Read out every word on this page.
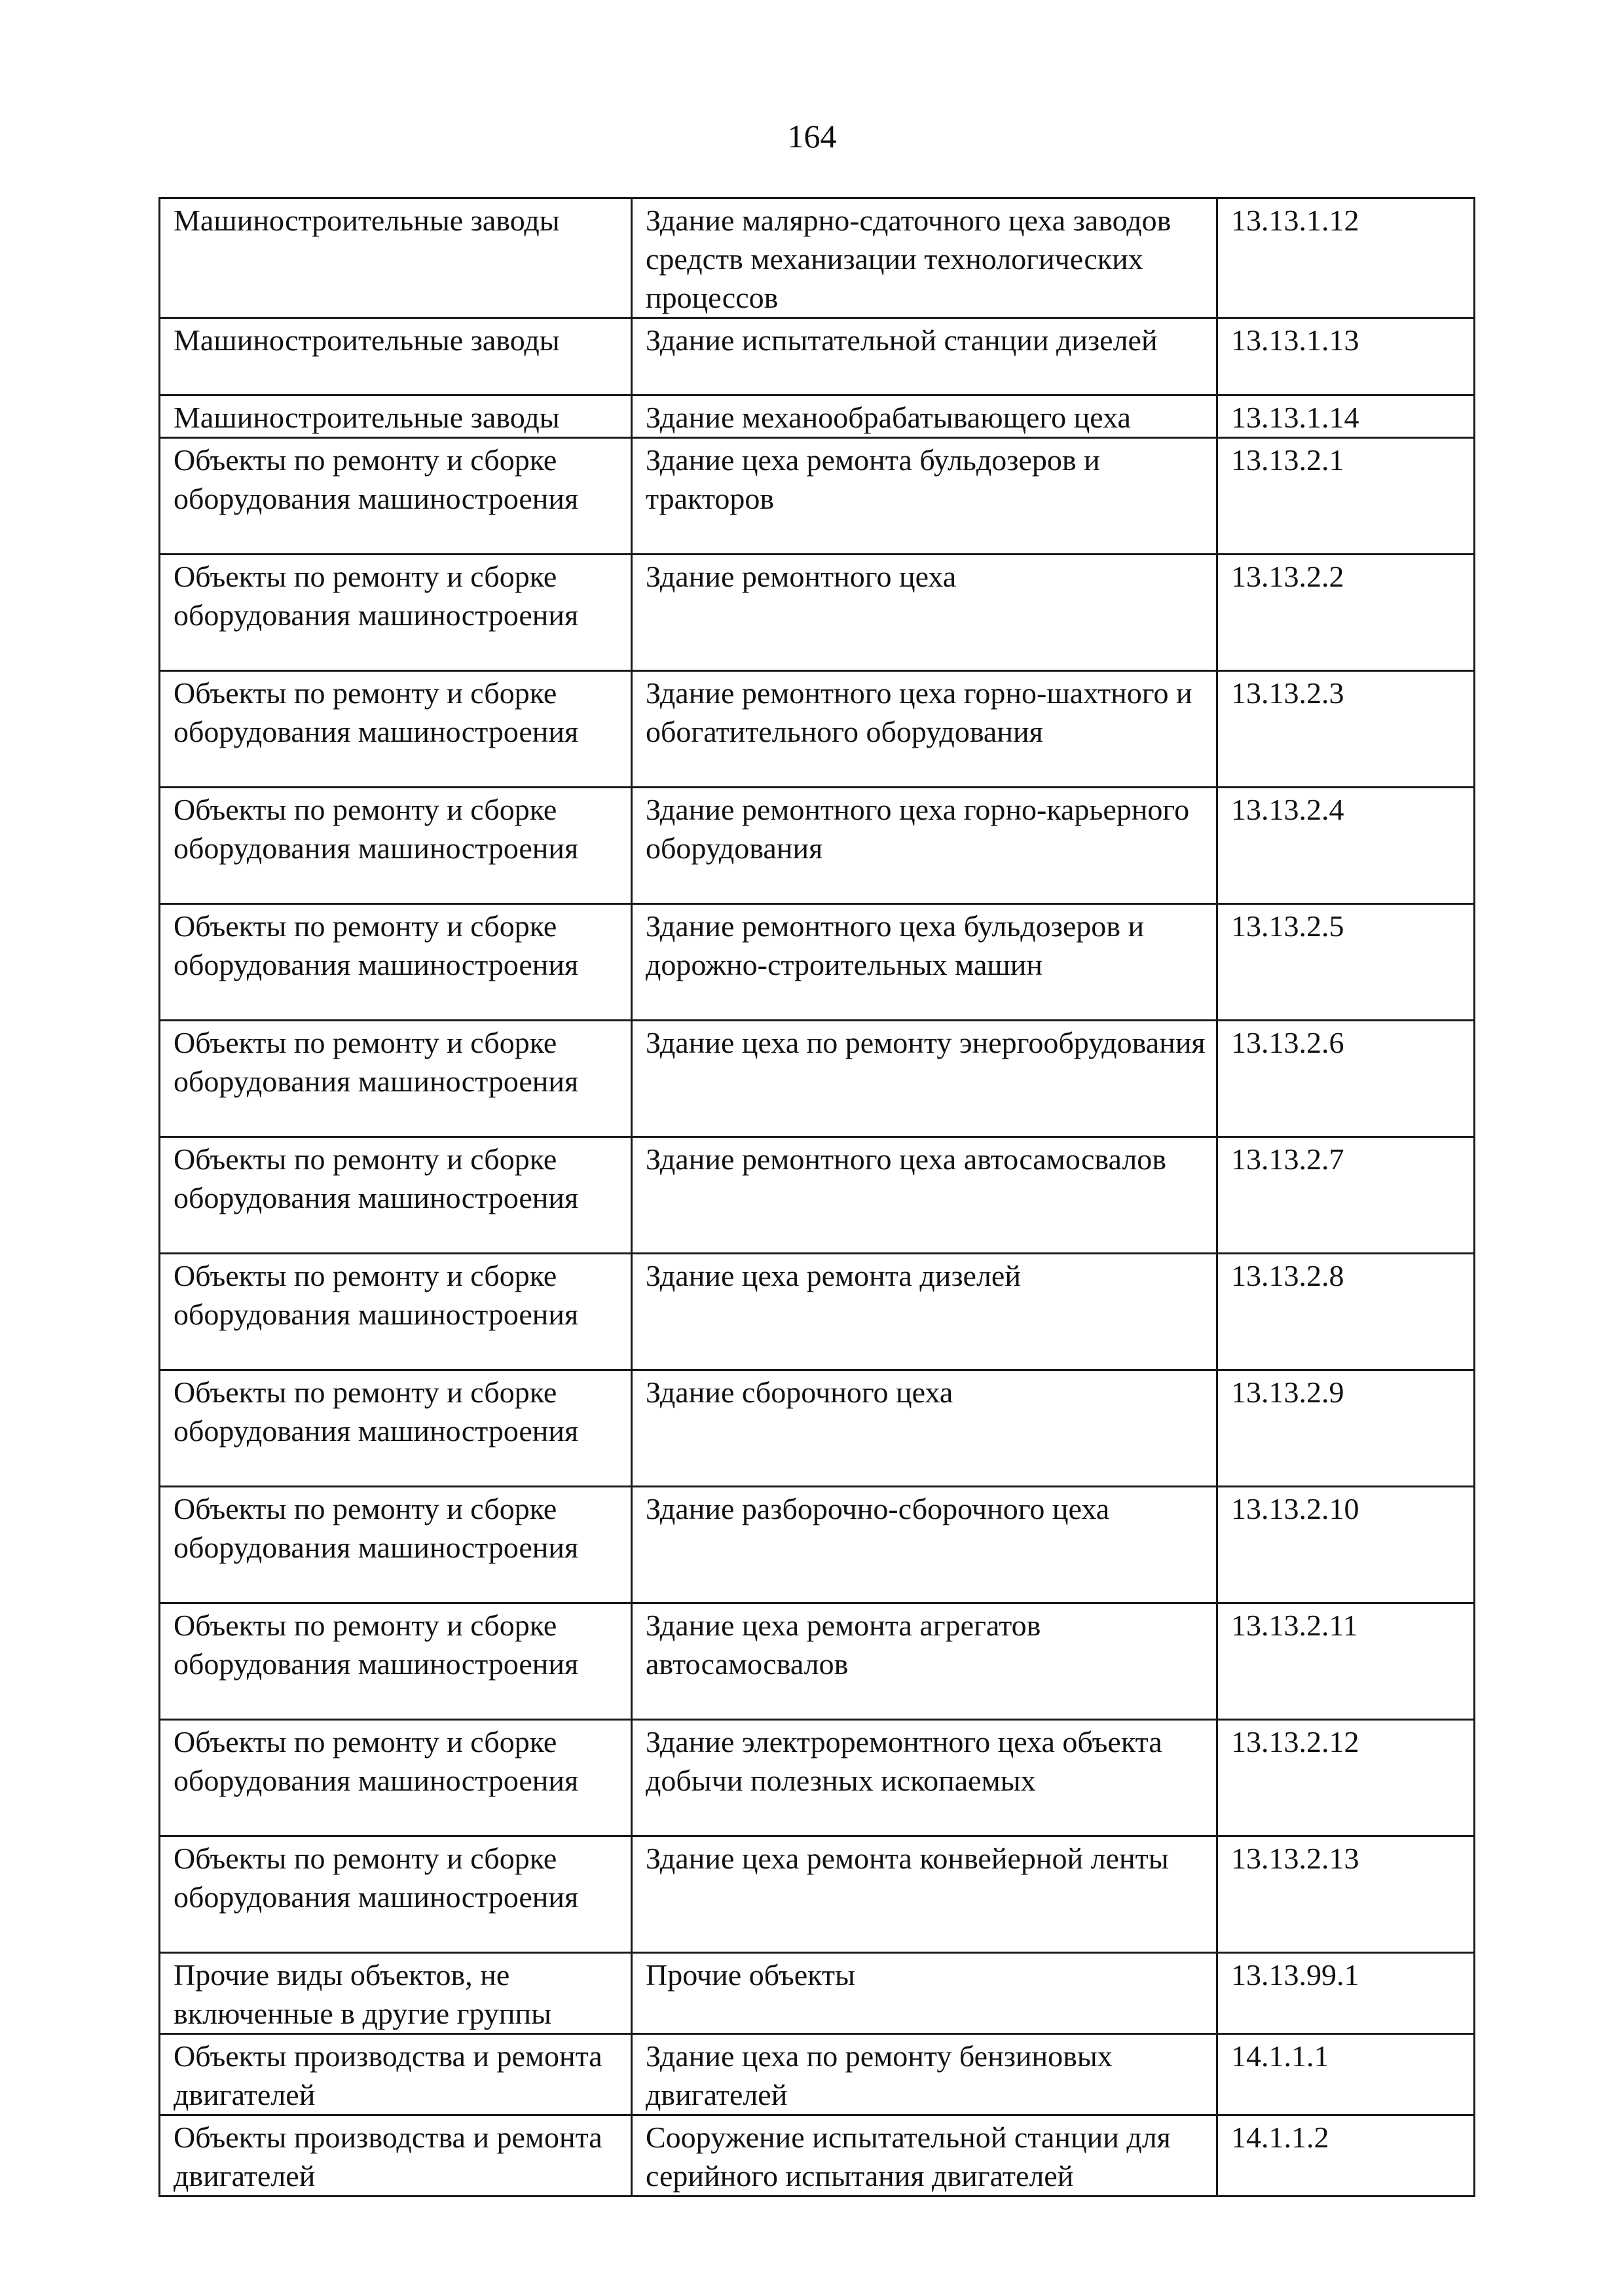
164
Машиностроительные заводы	Здание малярно-сдаточного цеха заводов средств механизации технологических процессов	13.13.1.12
Машиностроительные заводы	Здание испытательной станции дизелей	13.13.1.13
Машиностроительные заводы	Здание механообрабатывающего цеха	13.13.1.14
Объекты по ремонту и сборке оборудования машиностроения	Здание цеха ремонта бульдозеров и тракторов	13.13.2.1
Объекты по ремонту и сборке оборудования машиностроения	Здание ремонтного цеха	13.13.2.2
Объекты по ремонту и сборке оборудования машиностроения	Здание ремонтного цеха горно-шахтного и обогатительного оборудования	13.13.2.3
Объекты по ремонту и сборке оборудования машиностроения	Здание ремонтного цеха горно-карьерного оборудования	13.13.2.4
Объекты по ремонту и сборке оборудования машиностроения	Здание ремонтного цеха бульдозеров и дорожно-строительных машин	13.13.2.5
Объекты по ремонту и сборке оборудования машиностроения	Здание цеха по ремонту энергообрудования	13.13.2.6
Объекты по ремонту и сборке оборудования машиностроения	Здание ремонтного цеха автосамосвалов	13.13.2.7
Объекты по ремонту и сборке оборудования машиностроения	Здание цеха ремонта дизелей	13.13.2.8
Объекты по ремонту и сборке оборудования машиностроения	Здание сборочного цеха	13.13.2.9
Объекты по ремонту и сборке оборудования машиностроения	Здание разборочно-сборочного цеха	13.13.2.10
Объекты по ремонту и сборке оборудования машиностроения	Здание цеха ремонта агрегатов автосамосвалов	13.13.2.11
Объекты по ремонту и сборке оборудования машиностроения	Здание электроремонтного цеха объекта добычи полезных ископаемых	13.13.2.12
Объекты по ремонту и сборке оборудования машиностроения	Здание цеха ремонта конвейерной ленты	13.13.2.13
Прочие виды объектов, не включенные в другие группы	Прочие объекты	13.13.99.1
Объекты производства и ремонта двигателей	Здание цеха по ремонту бензиновых двигателей	14.1.1.1
Объекты производства и ремонта двигателей	Сооружение испытательной станции для серийного испытания двигателей	14.1.1.2
